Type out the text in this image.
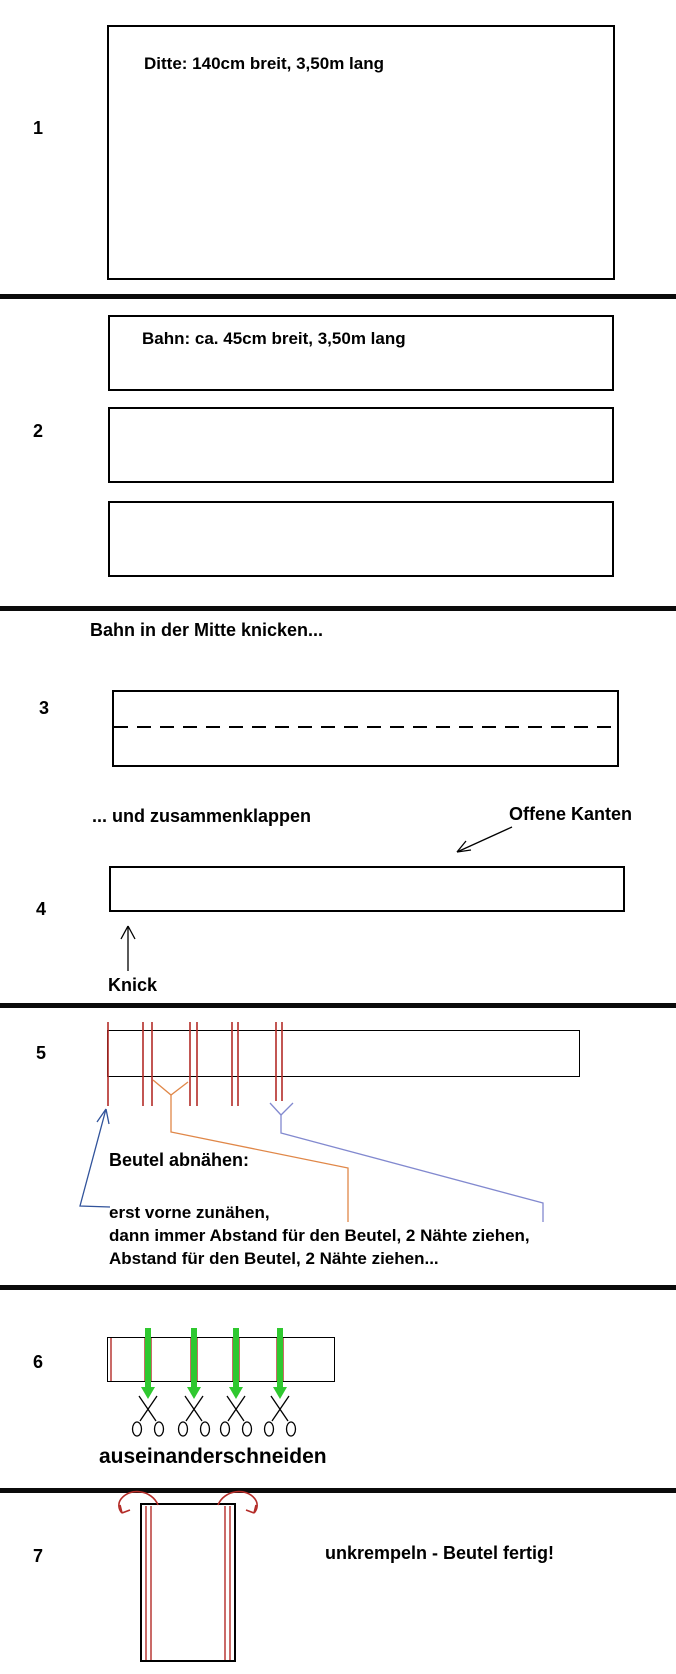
1
2
3
4
5
6
7
Ditte: 140cm breit, 3,50m lang
Bahn: ca. 45cm breit, 3,50m lang
Bahn in der Mitte knicken...
... und zusammenklappen	Offene Kanten
Knick
Beutel abnähen:
erst vorne zunähen,
dann immer Abstand für den Beutel, 2 Nähte ziehen,
Abstand für den Beutel, 2 Nähte ziehen...
auseinanderschneiden
unkrempeln - Beutel fertig!
